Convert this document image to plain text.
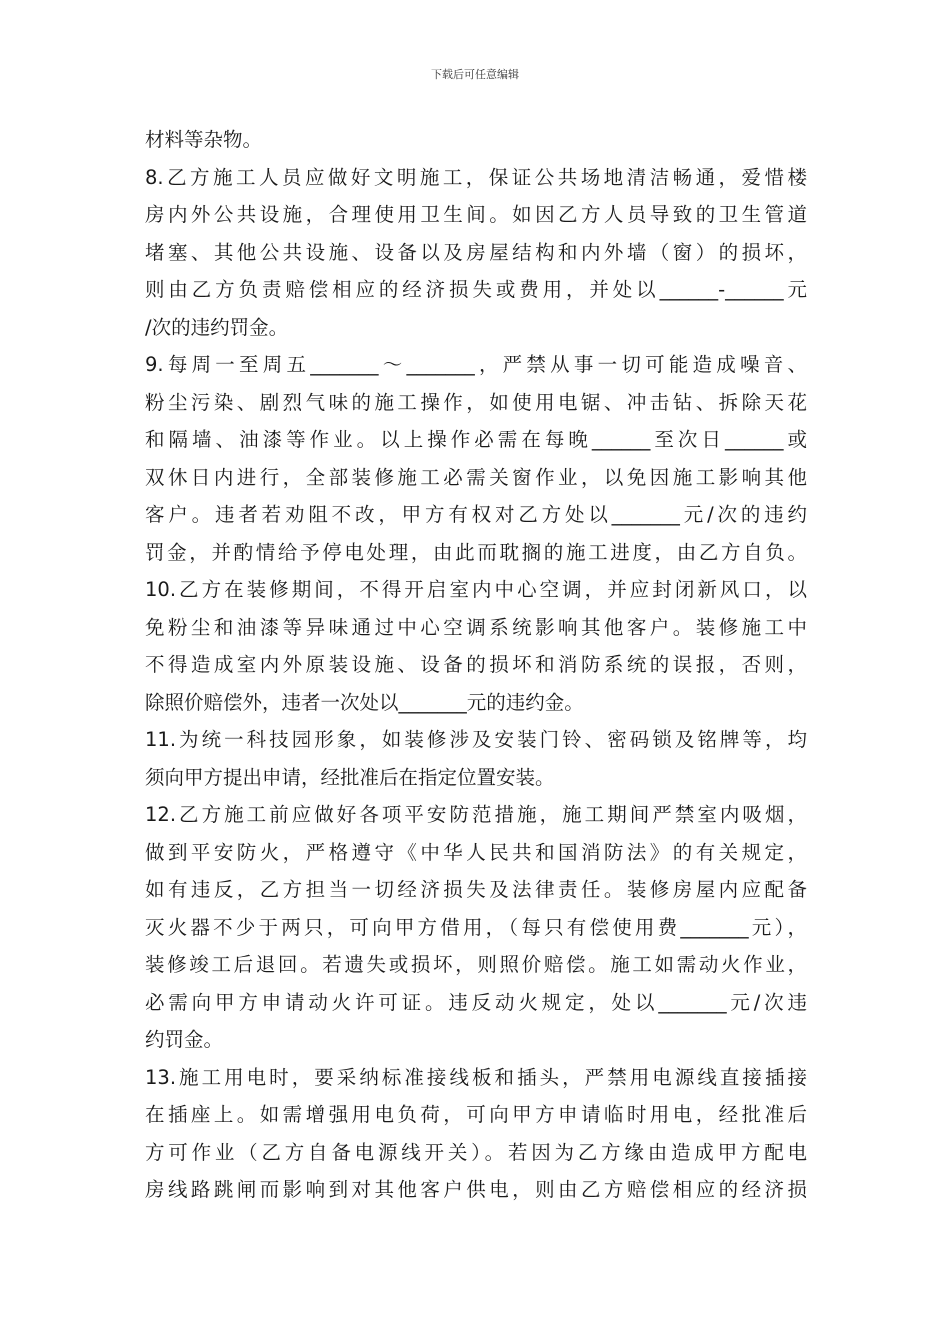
下载后可任意编辑
材料等杂物。
8.乙方施工人员应做好文明施工，保证公共场地清洁畅通，爱惜楼
房内外公共设施，合理使用卫生间。如因乙方人员导致的卫生管道
堵塞、其他公共设施、设备以及房屋结构和内外墙（窗）的损坏，
则由乙方负责赔偿相应的经济损失或费用，并处以______-______元
/次的违约罚金。
9.每周一至周五_______～_______，严禁从事一切可能造成噪音、
粉尘污染、剧烈气味的施工操作，如使用电锯、冲击钻、拆除天花
和隔墙、油漆等作业。以上操作必需在每晚______至次日______或
双休日内进行，全部装修施工必需关窗作业，以免因施工影响其他
客户。违者若劝阻不改，甲方有权对乙方处以_______元/次的违约
罚金，并酌情给予停电处理，由此而耽搁的施工进度，由乙方自负。
10.乙方在装修期间，不得开启室内中心空调，并应封闭新风口，以
免粉尘和油漆等异味通过中心空调系统影响其他客户。装修施工中
不得造成室内外原装设施、设备的损坏和消防系统的误报，否则，
除照价赔偿外，违者一次处以_______元的违约金。
11.为统一科技园形象，如装修涉及安装门铃、密码锁及铭牌等，均
须向甲方提出申请，经批准后在指定位置安装。
12.乙方施工前应做好各项平安防范措施，施工期间严禁室内吸烟，
做到平安防火，严格遵守《中华人民共和国消防法》的有关规定，
如有违反，乙方担当一切经济损失及法律责任。装修房屋内应配备
灭火器不少于两只，可向甲方借用，（每只有偿使用费_______元），
装修竣工后退回。若遗失或损坏，则照价赔偿。施工如需动火作业，
必需向甲方申请动火许可证。违反动火规定，处以_______元/次违
约罚金。
13.施工用电时，要采纳标准接线板和插头，严禁用电源线直接插接
在插座上。如需增强用电负荷，可向甲方申请临时用电，经批准后
方可作业（乙方自备电源线开关）。若因为乙方缘由造成甲方配电
房线路跳闸而影响到对其他客户供电，则由乙方赔偿相应的经济损
